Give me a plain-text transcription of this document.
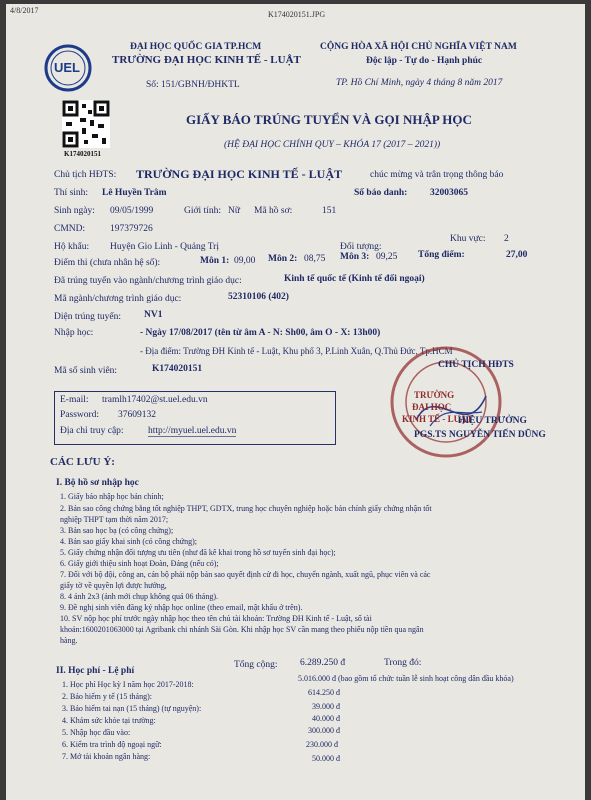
4/8/2017	K174020151.JPG
UEL
ĐẠI HỌC QUỐC GIA TP.HCM
TRƯỜNG ĐẠI HỌC KINH TẾ - LUẬT
Số: 151/GBNH/ĐHKTL
CỘNG HÒA XÃ HỘI CHỦ NGHĨA VIỆT NAM
Độc lập - Tự do - Hạnh phúc
TP. Hồ Chí Minh, ngày 4 tháng 8 năm 2017
K174020151
GIẤY BÁO TRÚNG TUYỂN VÀ GỌI NHẬP HỌC
(HỆ ĐẠI HỌC CHÍNH QUY – KHÓA 17 (2017 – 2021))
Chủ tịch HĐTS: TRƯỜNG ĐẠI HỌC KINH TẾ - LUẬT	chúc mừng và trân trọng thông báo
Thí sinh: Lê Huyền Trâm	Số báo danh: 32003065
Sinh ngày: 09/05/1999	Giới tính: Nữ Mã hồ sơ:	151
CMND:	197379726
Hộ khẩu: Huyện Gio Linh - Quảng Trị	Đối tượng:
Khu vực: 2
Điểm thi (chưa nhân hệ số):	Môn 1: 09,00 Môn 2: 08,75 Môn 3: 09,25 Tổng điểm:	27,00
Đã trúng tuyển vào ngành/chương trình giáo dục:	Kinh tế quốc tế (Kinh tế đối ngoại)
Mã ngành/chương trình giáo dục:	52310106 (402)
Diện trúng tuyển: NV1
Nhập học:	- Ngày 17/08/2017 (tên từ âm A - N: Sh00, âm O - X: 13h00)
- Địa điểm: Trường ĐH Kinh tế - Luật, Khu phố 3, P.Linh Xuân, Q.Thủ Đức, Tp.HCM
Mã số sinh viên:	K174020151
E-mail: tramlh17402@st.uel.edu.vn
Password: 37609132
Địa chỉ truy cập:	http://myuel.uel.edu.vn
TRƯỜNG
ĐẠI HỌC
KINH TẾ - LUẬT
CHỦ TỊCH HĐTS
HIỆU TRƯỞNG
PGS.TS NGUYỄN TIẾN DŨNG
CÁC LƯU Ý:
I. Bộ hồ sơ nhập học
1. Giấy báo nhập học bản chính;
2. Bản sao công chứng bằng tốt nghiệp THPT, GDTX, trung học chuyên nghiệp hoặc bản chính giấy chứng nhận tốt
nghiệp THPT tạm thời năm 2017;
3. Bản sao học bạ (có công chứng);
4. Bản sao giấy khai sinh (có công chứng);
5. Giấy chứng nhận đối tượng ưu tiên (như đã kê khai trong hồ sơ tuyển sinh đại học);
6. Giấy giới thiệu sinh hoạt Đoàn, Đảng (nếu có);
7. Đối với bộ đội, công an, cán bộ phải nộp bản sao quyết định cử đi học, chuyển ngành, xuất ngũ, phục viên và các
giấy tờ về quyền lợi được hưởng,
8. 4 ảnh 2x3 (ảnh mới chụp không quá 06 tháng).
9. Đề nghị sinh viên đăng ký nhập học online (theo email, mật khẩu ở trên).
10. SV nộp học phí trước ngày nhập học theo tên chủ tài khoản: Trường ĐH Kinh tế - Luật, số tài
khoản:1600201063000 tại Agribank chi nhánh Sài Gòn. Khi nhập học SV cần mang theo phiếu nộp tiền qua ngân
hàng.
II. Học phí - Lệ phí
Tổng cộng: 6.289.250 đ	Trong đó:
1. Học phí Học kỳ I năm học 2017-2018:
5.016.000 đ (bao gồm tổ chức tuần lễ sinh hoạt công dân đầu khóa)
2. Bảo hiểm y tế (15 tháng):	614.250 đ
3. Bảo hiểm tai nạn (15 tháng) (tự nguyện):	39.000 đ
4. Khám sức khỏe tại trường:	40.000 đ
5. Nhập học đầu vào:	300.000 đ
6. Kiểm tra trình độ ngoại ngữ:	230.000 đ
7. Mở tài khoản ngân hàng:	50.000 đ
